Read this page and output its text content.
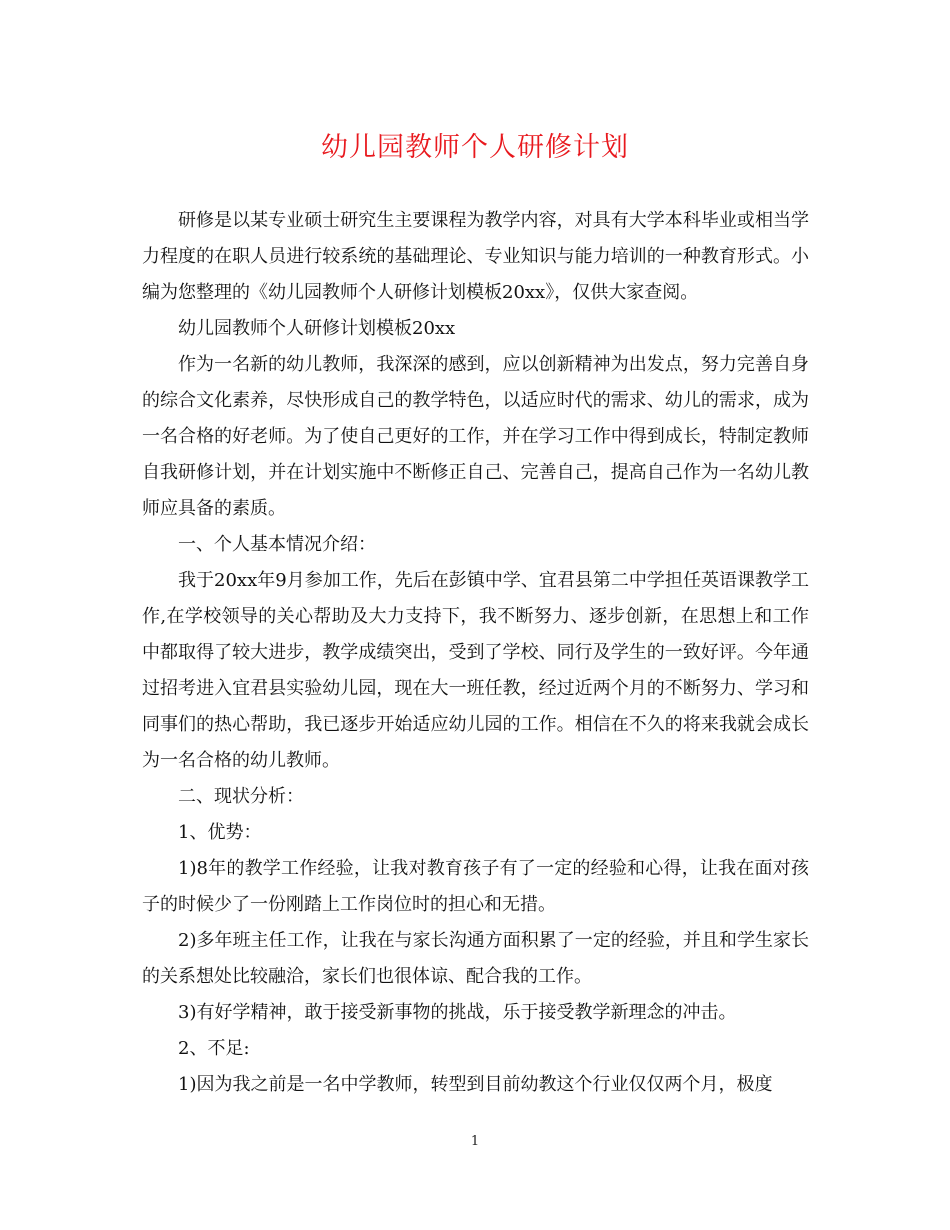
幼儿园教师个人研修计划

研修是以某专业硕士研究生主要课程为教学内容，对具有大学本科毕业或相当学力程度的在职人员进行较系统的基础理论、专业知识与能力培训的一种教育形式。小编为您整理的《幼儿园教师个人研修计划模板20xx》，仅供大家查阅。

幼儿园教师个人研修计划模板20xx

作为一名新的幼儿教师，我深深的感到，应以创新精神为出发点，努力完善自身的综合文化素养，尽快形成自己的教学特色，以适应时代的需求、幼儿的需求，成为一名合格的好老师。为了使自己更好的工作，并在学习工作中得到成长，特制定教师自我研修计划，并在计划实施中不断修正自己、完善自己，提高自己作为一名幼儿教师应具备的素质。

一、个人基本情况介绍：

我于20xx年9月参加工作，先后在彭镇中学、宜君县第二中学担任英语课教学工作,在学校领导的关心帮助及大力支持下，我不断努力、逐步创新，在思想上和工作中都取得了较大进步，教学成绩突出，受到了学校、同行及学生的一致好评。今年通过招考进入宜君县实验幼儿园，现在大一班任教，经过近两个月的不断努力、学习和同事们的热心帮助，我已逐步开始适应幼儿园的工作。相信在不久的将来我就会成长为一名合格的幼儿教师。

二、现状分析：

1、优势：

1)8年的教学工作经验，让我对教育孩子有了一定的经验和心得，让我在面对孩子的时候少了一份刚踏上工作岗位时的担心和无措。

2)多年班主任工作，让我在与家长沟通方面积累了一定的经验，并且和学生家长的关系想处比较融洽，家长们也很体谅、配合我的工作。

3)有好学精神，敢于接受新事物的挑战，乐于接受教学新理念的冲击。

2、不足:

1)因为我之前是一名中学教师，转型到目前幼教这个行业仅仅两个月，极度

1
